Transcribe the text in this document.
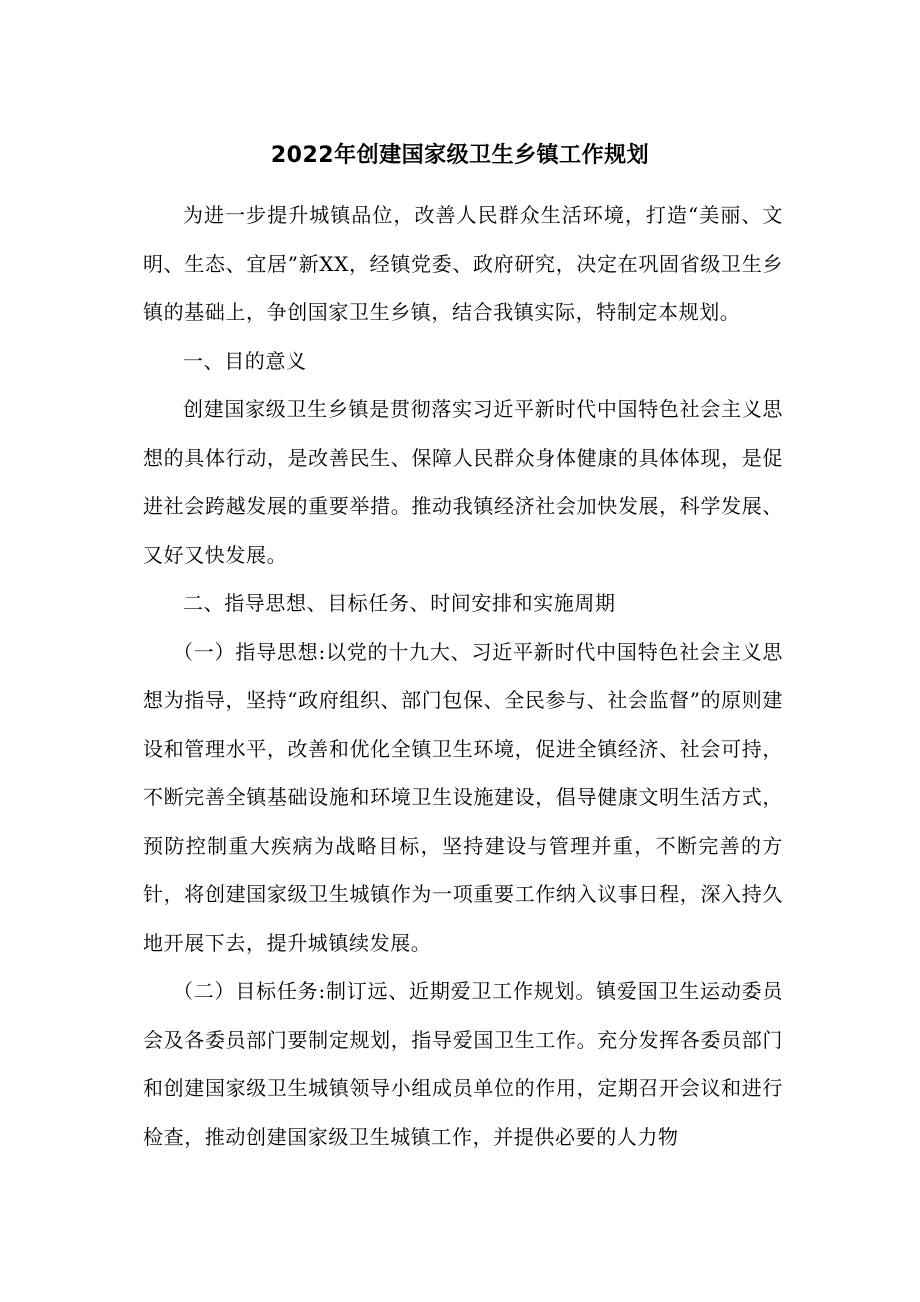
2022年创建国家级卫生乡镇工作规划

为进一步提升城镇品位，改善人民群众生活环境，打造“美丽、文明、生态、宜居”新XX，经镇党委、政府研究，决定在巩固省级卫生乡镇的基础上，争创国家卫生乡镇，结合我镇实际，特制定本规划。

一、目的意义

创建国家级卫生乡镇是贯彻落实习近平新时代中国特色社会主义思想的具体行动，是改善民生、保障人民群众身体健康的具体体现，是促进社会跨越发展的重要举措。推动我镇经济社会加快发展，科学发展、又好又快发展。

二、指导思想、目标任务、时间安排和实施周期

（一）指导思想:以党的十九大、习近平新时代中国特色社会主义思想为指导，坚持“政府组织、部门包保、全民参与、社会监督”的原则建设和管理水平，改善和优化全镇卫生环境，促进全镇经济、社会可持，不断完善全镇基础设施和环境卫生设施建设，倡导健康文明生活方式，预防控制重大疾病为战略目标，坚持建设与管理并重，不断完善的方针，将创建国家级卫生城镇作为一项重要工作纳入议事日程，深入持久地开展下去，提升城镇续发展。

（二）目标任务:制订远、近期爱卫工作规划。镇爱国卫生运动委员会及各委员部门要制定规划，指导爱国卫生工作。充分发挥各委员部门和创建国家级卫生城镇领导小组成员单位的作用，定期召开会议和进行检查，推动创建国家级卫生城镇工作，并提供必要的人力物
